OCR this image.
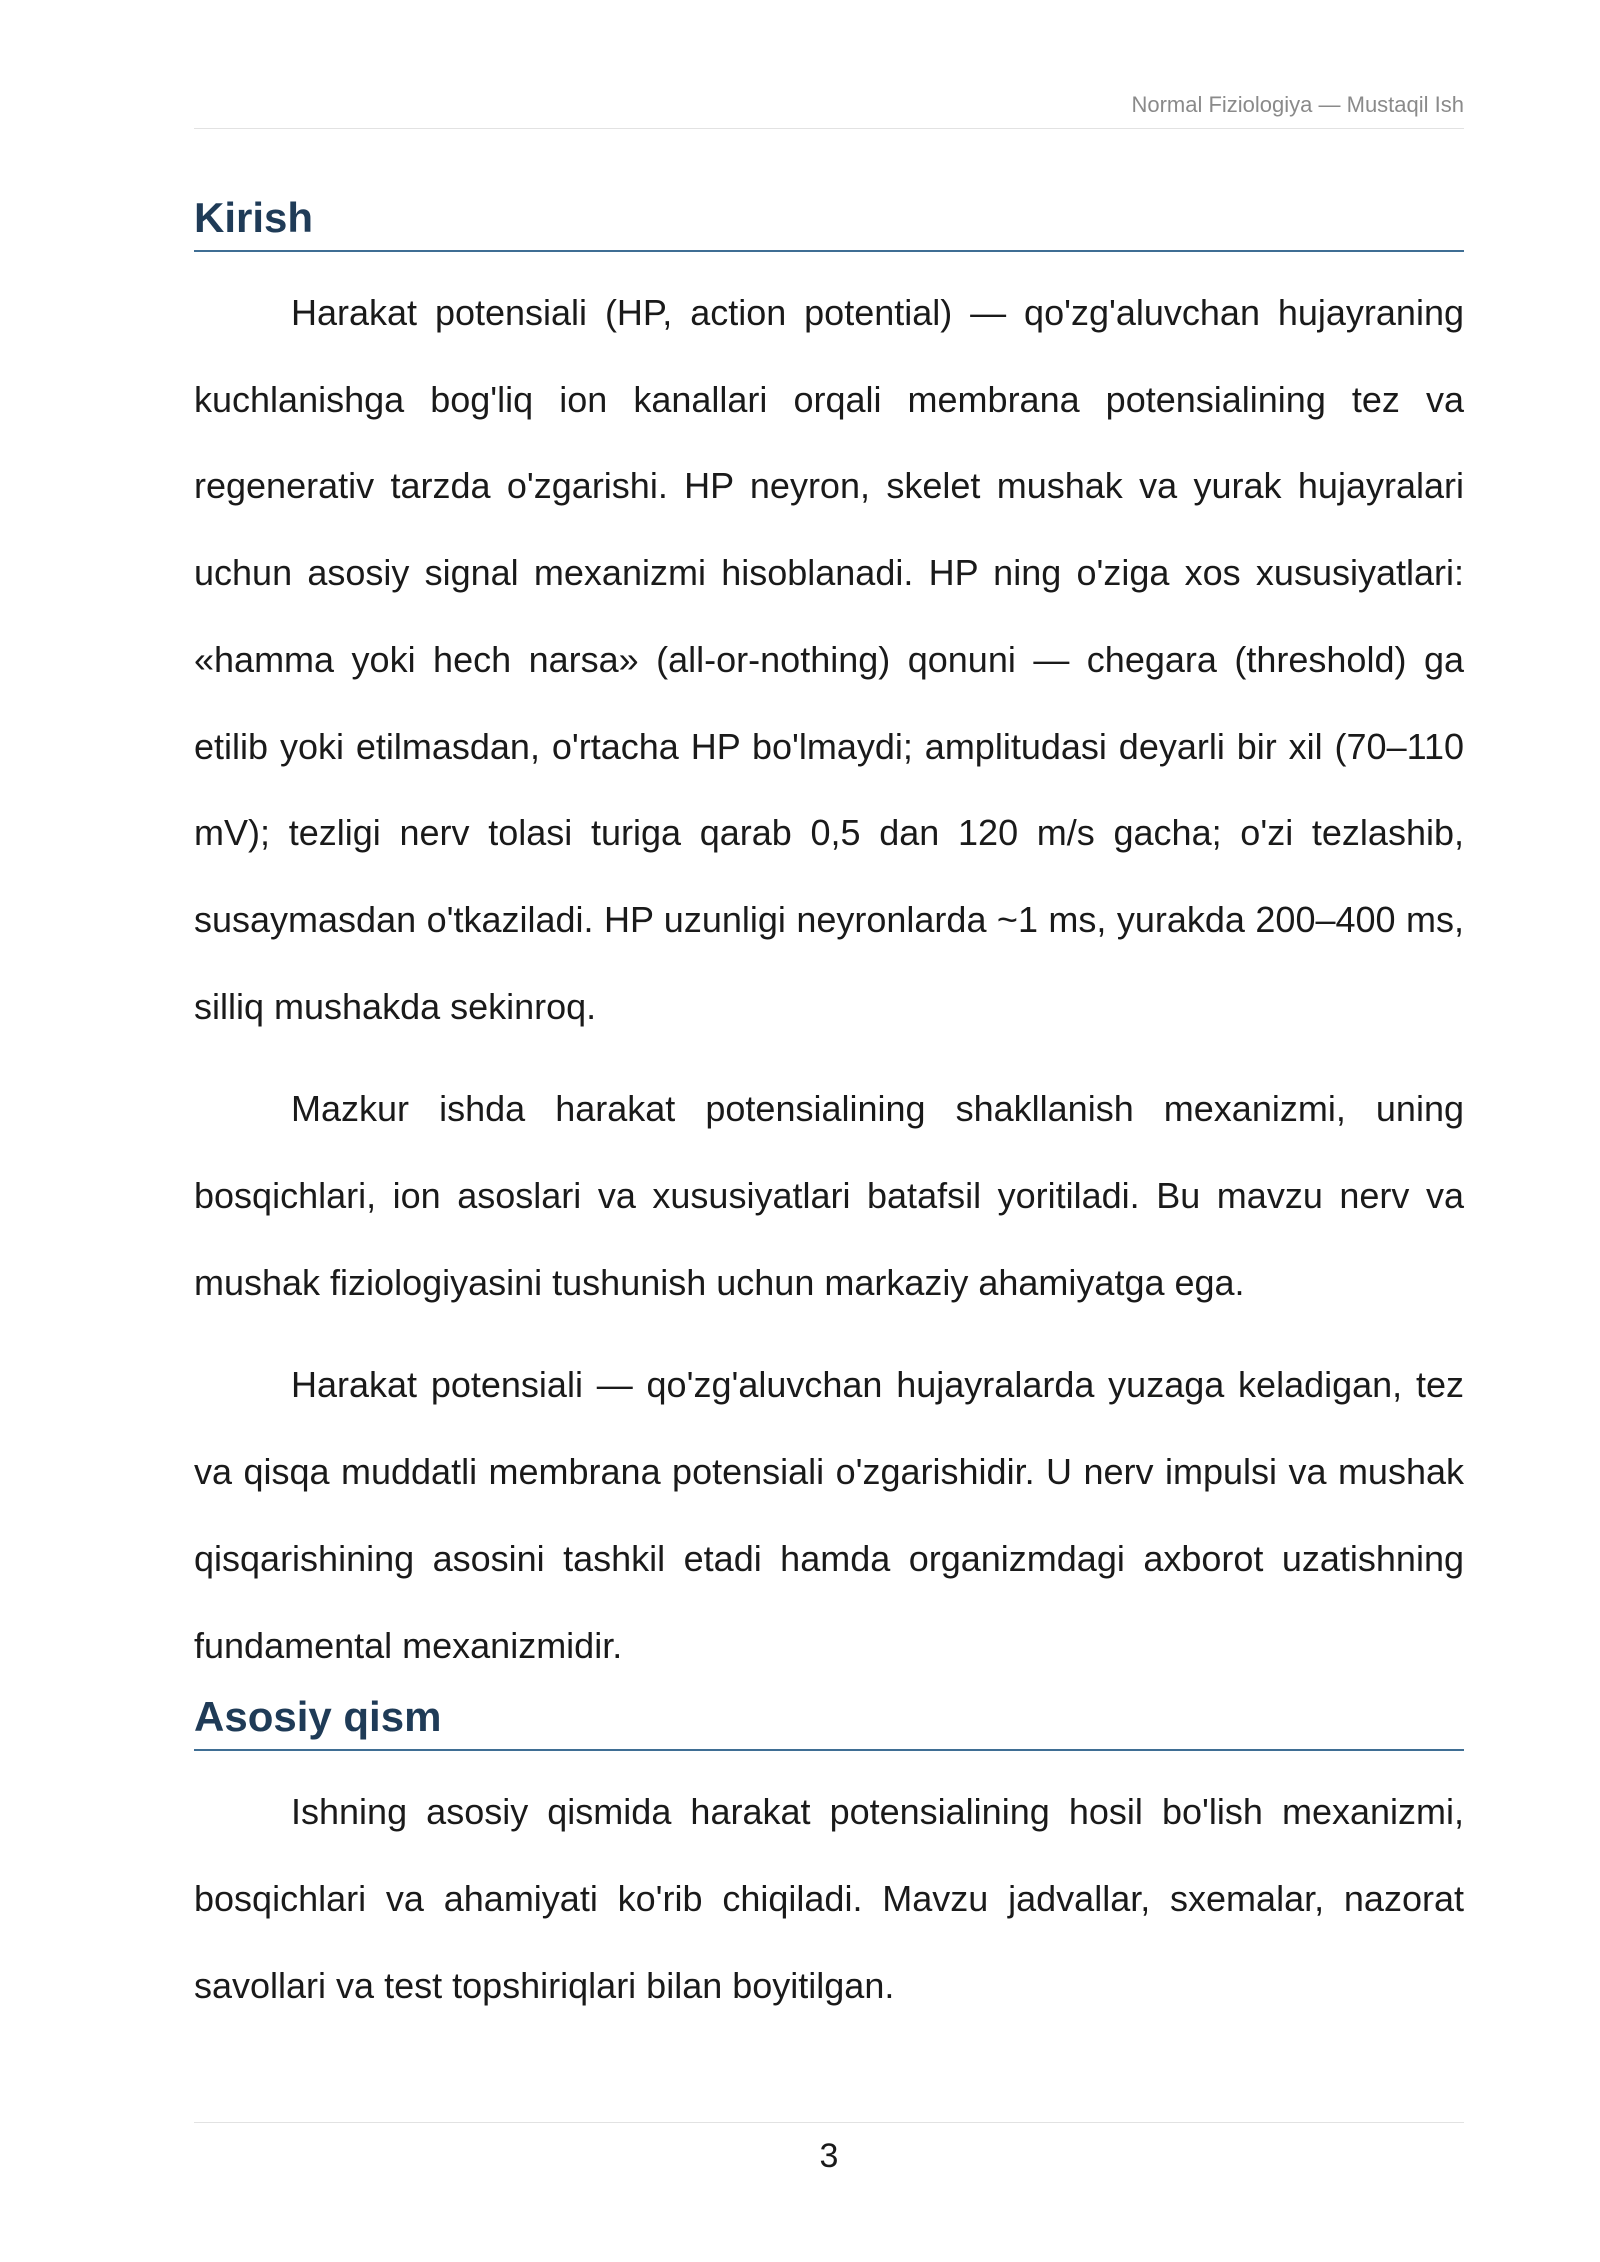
Normal Fiziologiya — Mustaqil Ish
Kirish

Harakat potensiali (HP, action potential) — qo'zg'aluvchan hujayraning kuchlanishga bog'liq ion kanallari orqali membrana potensialining tez va regenerativ tarzda o'zgarishi. HP neyron, skelet mushak va yurak hujayralari uchun asosiy signal mexanizmi hisoblanadi. HP ning o'ziga xos xususiyatlari: «hamma yoki hech narsa» (all-or-nothing) qonuni — chegara (threshold) ga etilib yoki etilmasdan, o'rtacha HP bo'lmaydi; amplitudasi deyarli bir xil (70–110 mV); tezligi nerv tolasi turiga qarab 0,5 dan 120 m/s gacha; o'zi tezlashib, susaymasdan o'tkaziladi. HP uzunligi neyronlarda ~1 ms, yurakda 200–400 ms, silliq mushakda sekinroq.

Mazkur ishda harakat potensialining shakllanish mexanizmi, uning bosqichlari, ion asoslari va xususiyatlari batafsil yoritiladi. Bu mavzu nerv va mushak fiziologiyasini tushunish uchun markaziy ahamiyatga ega.

Harakat potensiali — qo'zg'aluvchan hujayralarda yuzaga keladigan, tez va qisqa muddatli membrana potensiali o'zgarishidir. U nerv impulsi va mushak qisqarishining asosini tashkil etadi hamda organizmdagi axborot uzatishning fundamental mexanizmidir.

Asosiy qism

Ishning asosiy qismida harakat potensialining hosil bo'lish mexanizmi, bosqichlari va ahamiyati ko'rib chiqiladi. Mavzu jadvallar, sxemalar, nazorat savollari va test topshiriqlari bilan boyitilgan.

3
